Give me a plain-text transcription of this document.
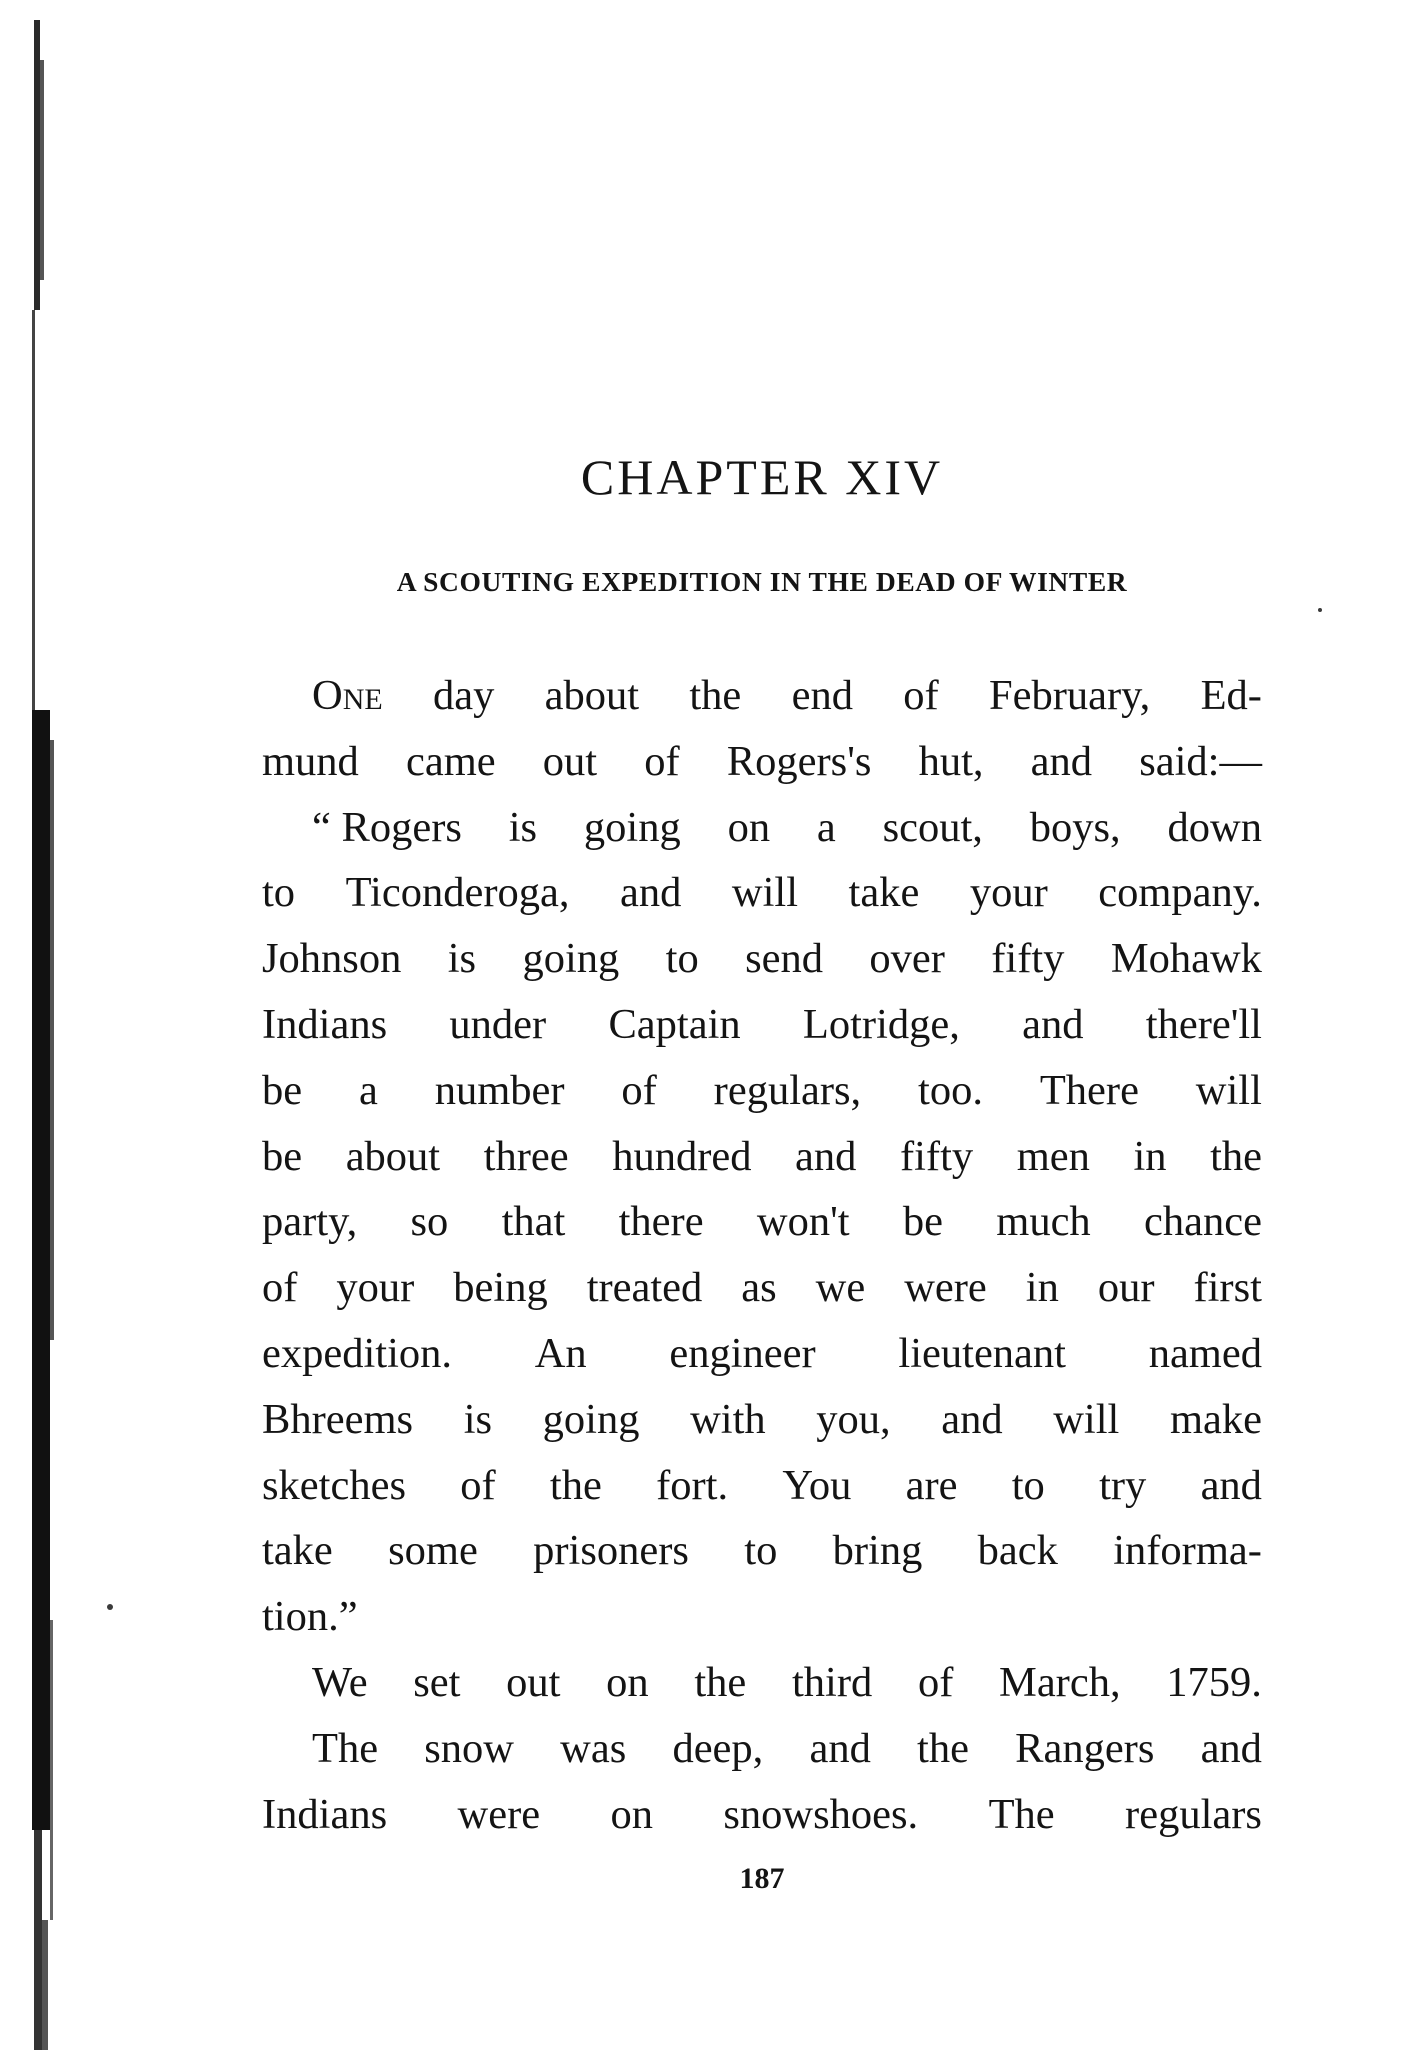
CHAPTER XIV
A SCOUTING EXPEDITION IN THE DEAD OF WINTER
One day about the end of February, Ed-
mund came out of Rogers's hut, and said:—
“ Rogers is going on a scout, boys, down
to Ticonderoga, and will take your company.
Johnson is going to send over fifty Mohawk
Indians under Captain Lotridge, and there'll
be a number of regulars, too. There will
be about three hundred and fifty men in the
party, so that there won't be much chance
of your being treated as we were in our first
expedition. An engineer lieutenant named
Bhreems is going with you, and will make
sketches of the fort. You are to try and
take some prisoners to bring back informa-
tion.”
We set out on the third of March, 1759.
The snow was deep, and the Rangers and
Indians were on snowshoes. The regulars
187
